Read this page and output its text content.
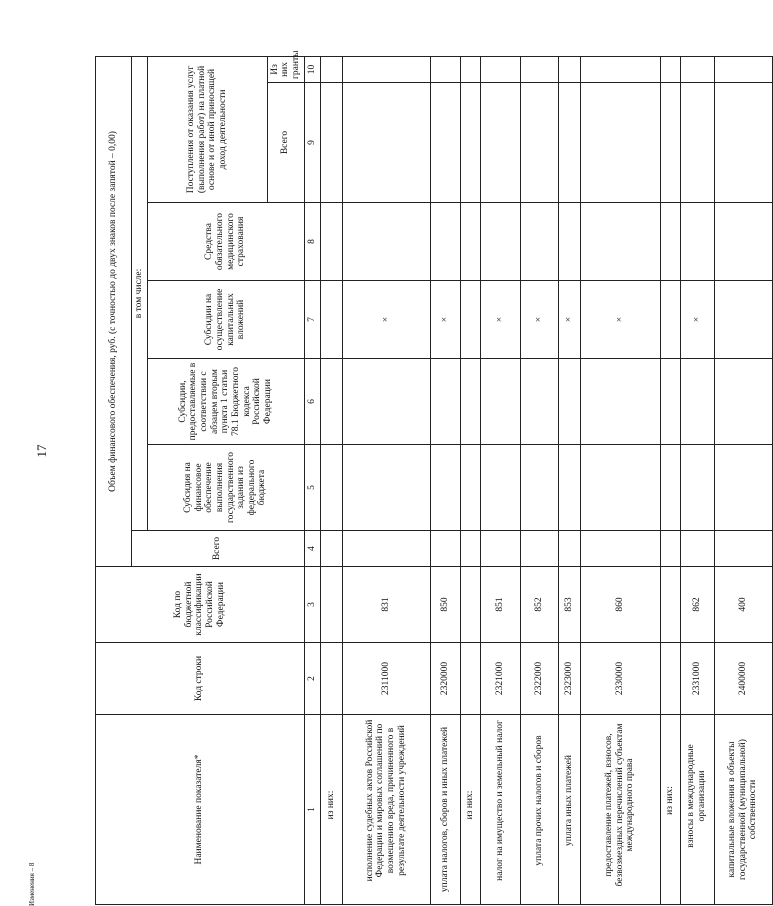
17
Наименование показателя*	Код строки	Код по бюджетной классификации Российской Федерации	Объем финансового обеспечения, руб. (с точностью до двух знаков после запятой – 0,00)						
			Всего	в том числе:					
				Субсидия на финансовое обеспечение выполнения государственного задания из федерального бюджета	Субсидии, предоставляемые в соответствии с абзацем вторым пункта 1 статьи 78.1 Бюджетного кодекса Российской Федерации	Субсидии на осуществление капитальных вложений	Средства обязательного медицинского страхования	Поступления от оказания услуг (выполнения работ) на платной основе и от иной приносящей доход деятельности	
								Всего	Из них гранты
1	2	3	4	5	6	7	8	9	10
из них:									
исполнение судебных актов Российской Федерации и мировых соглашений по возмещению вреда, причиненного в результате деятельности учреждений	2311000	831				×			
уплата налогов, сборов и иных платежей	2320000	850				×			
из них:									
налог на имущество и земельный налог	2321000	851				×			
уплата прочих налогов и сборов	2322000	852				×			
уплата иных платежей	2323000	853				×			
предоставление платежей, взносов, безвозмездных перечислений субъектам международного права	2330000	860				×			
из них:									
взносы в международные организации	2331000	862				×			
капитальные вложения в объекты государственной (муниципальной) собственности	2400000	400							
Изменения – 8
